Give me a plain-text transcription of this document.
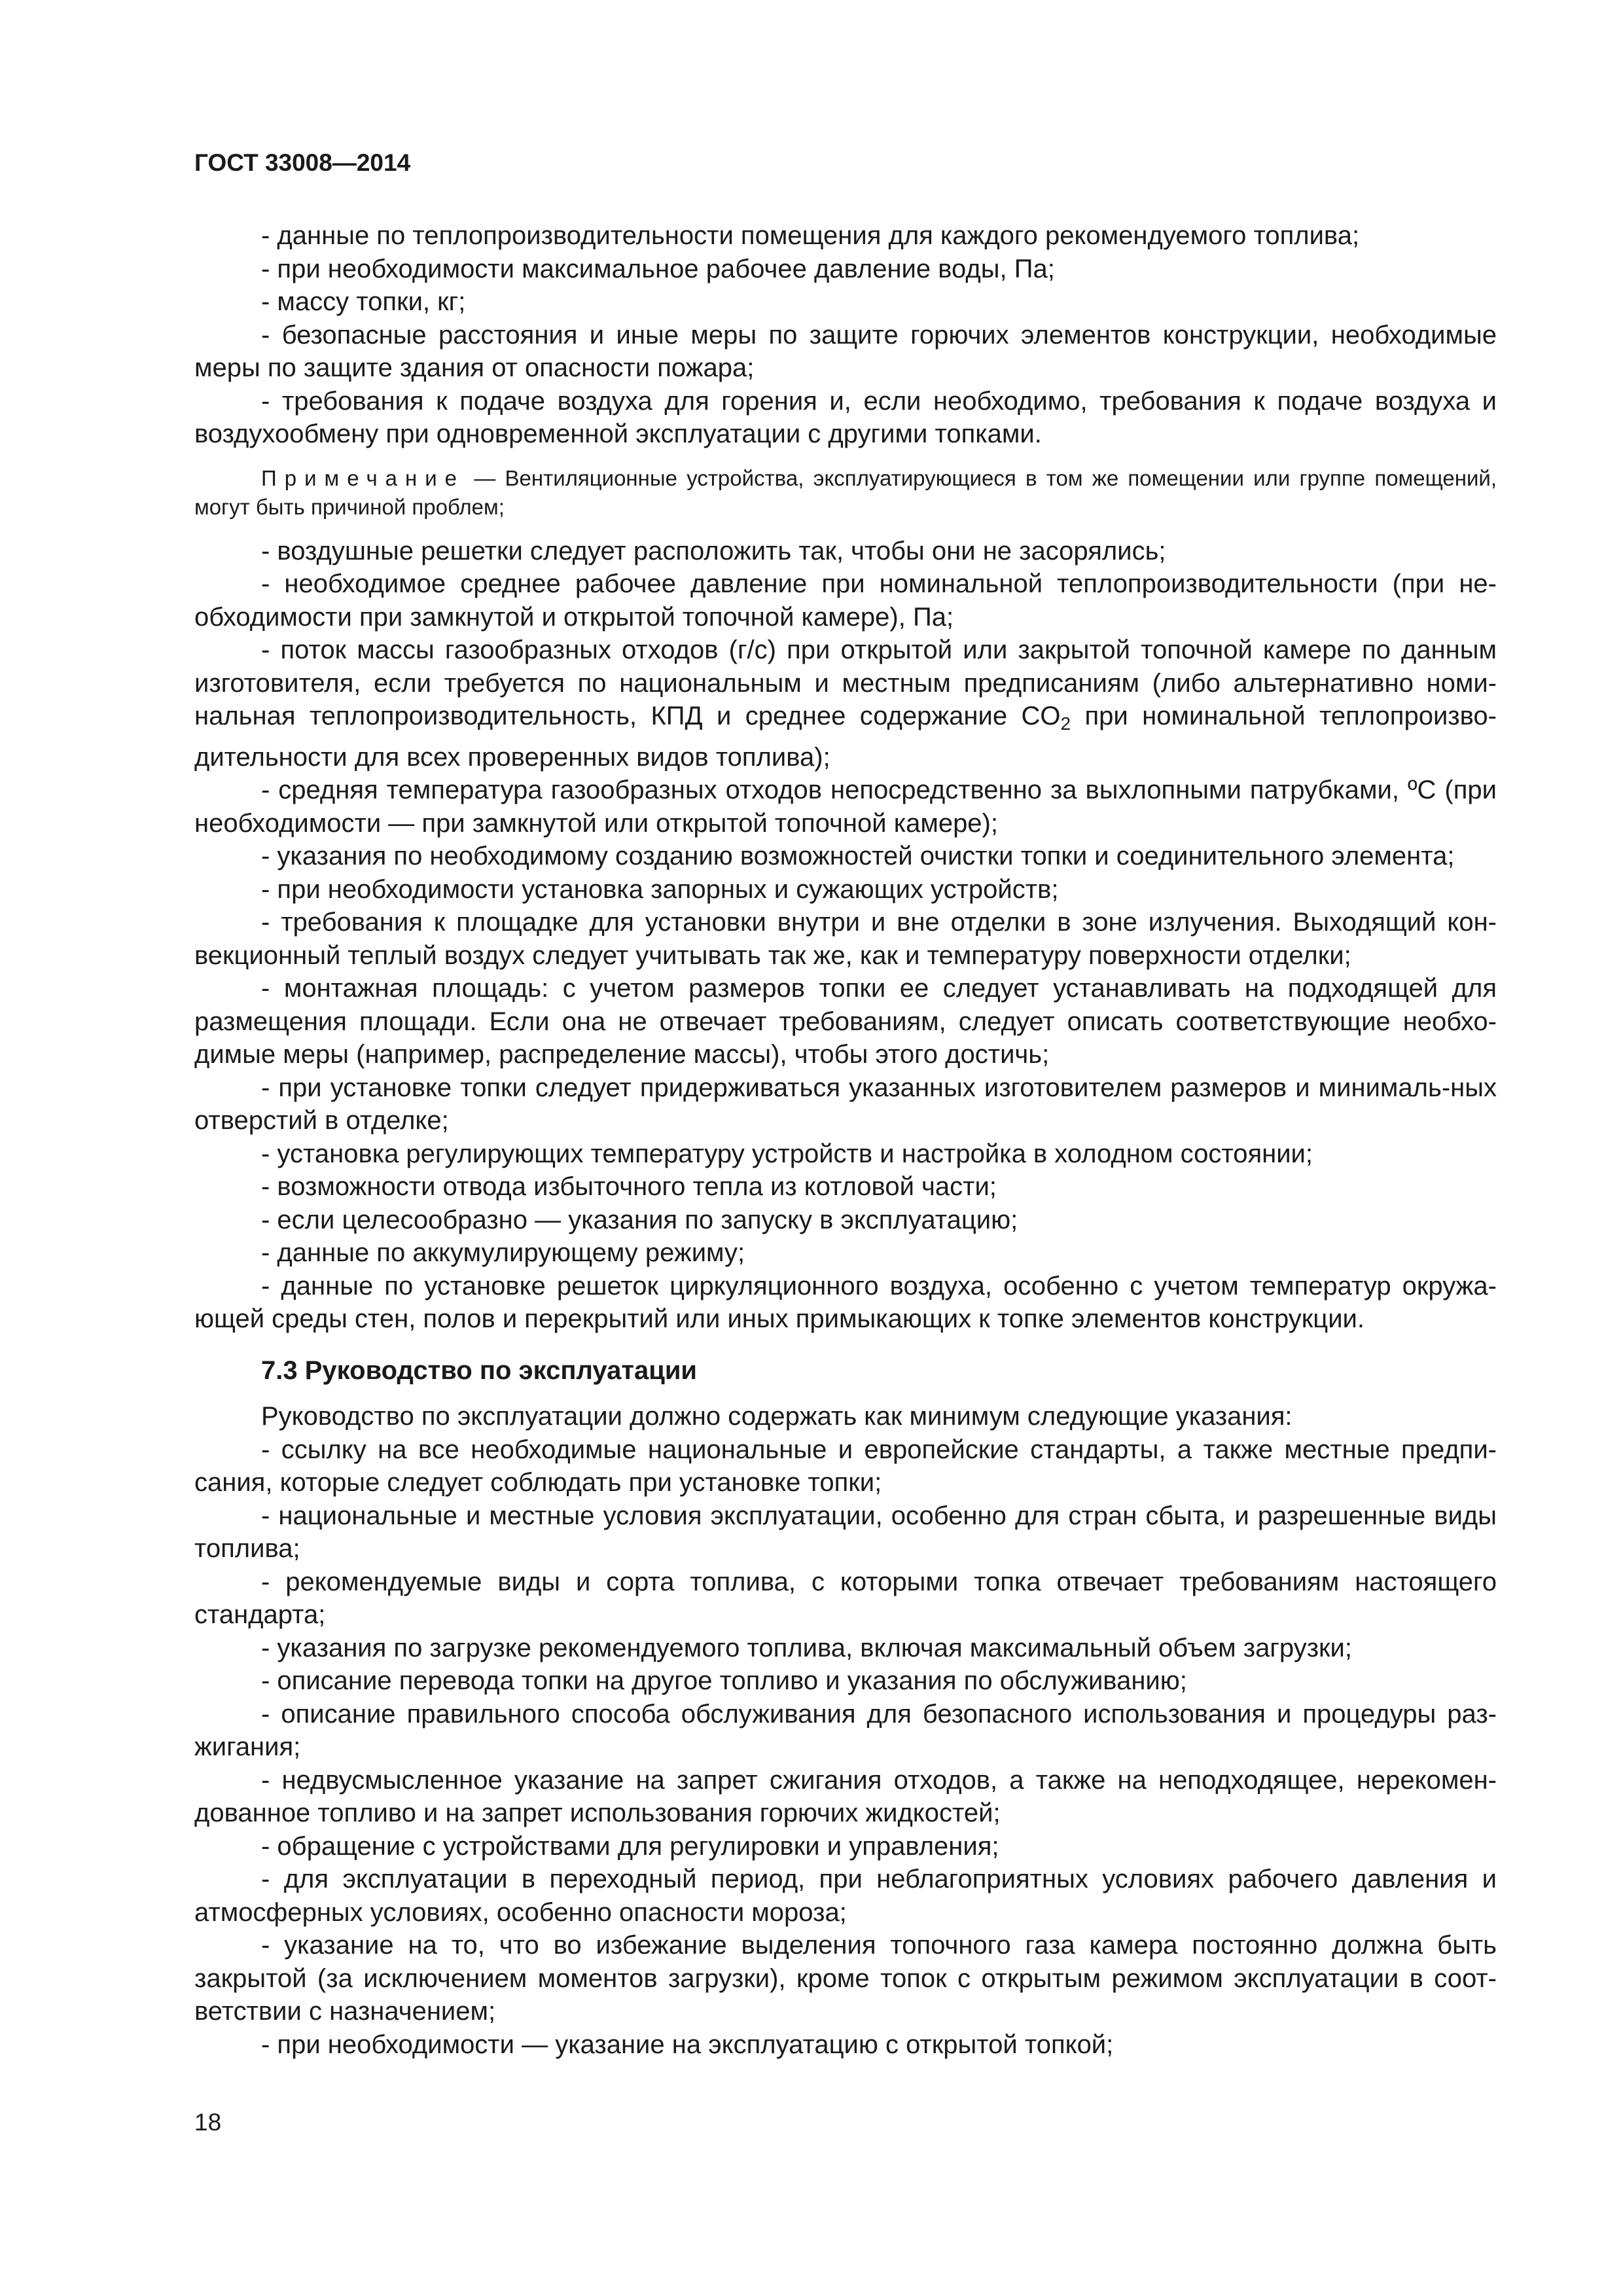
ГОСТ 33008—2014

- данные по теплопроизводительности помещения для каждого рекомендуемого топлива;

- при необходимости максимальное рабочее давление воды, Па;

- массу топки, кг;

- безопасные расстояния и иные меры по защите горючих элементов конструкции, необходимые меры по защите здания от опасности пожара;

- требования к подаче воздуха для горения и, если необходимо, требования к подаче воздуха и воздухообмену при одновременной эксплуатации с другими топками.

Примечание — Вентиляционные устройства, эксплуатирующиеся в том же помещении или группе помещений, могут быть причиной проблем;

- воздушные решетки следует расположить так, чтобы они не засорялись;

- необходимое среднее рабочее давление при номинальной теплопроизводительности (при не-обходимости при замкнутой и открытой топочной камере), Па;

- поток массы газообразных отходов (г/с) при открытой или закрытой топочной камере по данным изготовителя, если требуется по национальным и местным предписаниям (либо альтернативно номи-нальная теплопроизводительность, КПД и среднее содержание $CO_2$ при номинальной теплопроизво-дительности для всех проверенных видов топлива);

- средняя температура газообразных отходов непосредственно за выхлопными патрубками, ºC (при необходимости — при замкнутой или открытой топочной камере);

- указания по необходимому созданию возможностей очистки топки и соединительного элемента;

- при необходимости установка запорных и сужающих устройств;

- требования к площадке для установки внутри и вне отделки в зоне излучения. Выходящий кон-векционный теплый воздух следует учитывать так же, как и температуру поверхности отделки;

- монтажная площадь: с учетом размеров топки ее следует устанавливать на подходящей для размещения площади. Если она не отвечает требованиям, следует описать соответствующие необхо-димые меры (например, распределение массы), чтобы этого достичь;

- при установке топки следует придерживаться указанных изготовителем размеров и минималь-ных отверстий в отделке;

- установка регулирующих температуру устройств и настройка в холодном состоянии;

- возможности отвода избыточного тепла из котловой части;

- если целесообразно — указания по запуску в эксплуатацию;

- данные по аккумулирующему режиму;

- данные по установке решеток циркуляционного воздуха, особенно с учетом температур окружа-ющей среды стен, полов и перекрытий или иных примыкающих к топке элементов конструкции.

7.3 Руководство по эксплуатации

Руководство по эксплуатации должно содержать как минимум следующие указания:

- ссылку на все необходимые национальные и европейские стандарты, а также местные предпи-сания, которые следует соблюдать при установке топки;

- национальные и местные условия эксплуатации, особенно для стран сбыта, и разрешенные виды топлива;

- рекомендуемые виды и сорта топлива, с которыми топка отвечает требованиям настоящего стандарта;

- указания по загрузке рекомендуемого топлива, включая максимальный объем загрузки;

- описание перевода топки на другое топливо и указания по обслуживанию;

- описание правильного способа обслуживания для безопасного использования и процедуры раз-жигания;

- недвусмысленное указание на запрет сжигания отходов, а также на неподходящее, нерекомен-дованное топливо и на запрет использования горючих жидкостей;

- обращение с устройствами для регулировки и управления;

- для эксплуатации в переходный период, при неблагоприятных условиях рабочего давления и атмосферных условиях, особенно опасности мороза;

- указание на то, что во избежание выделения топочного газа камера постоянно должна быть закрытой (за исключением моментов загрузки), кроме топок с открытым режимом эксплуатации в соот-ветствии с назначением;

- при необходимости — указание на эксплуатацию с открытой топкой;

18
